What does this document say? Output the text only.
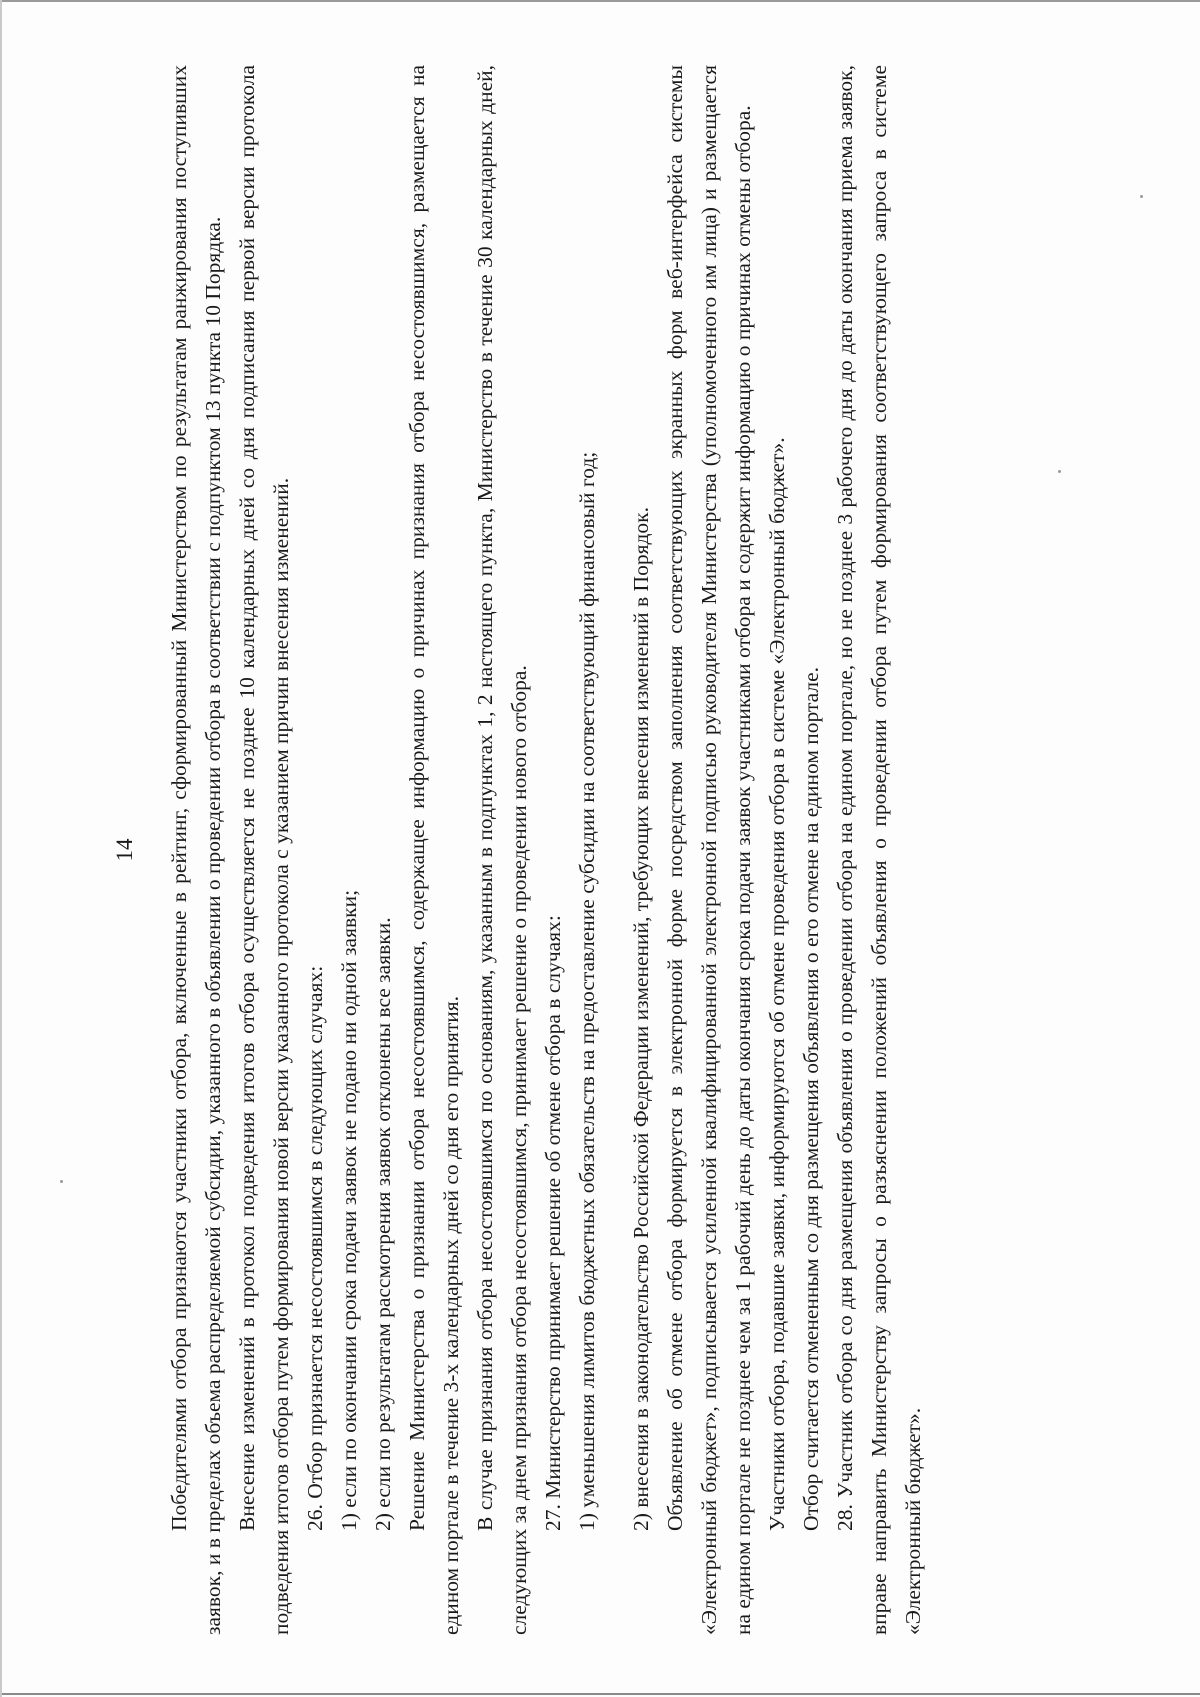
14	Победителями отбора признаются участники отбора, включенные в рейтинг, сформированный Министерством по результатам ранжирования поступивших заявок, и в пределах объема распределяемой субсидии, указанного в объявлении о проведении отбора в соответствии с подпунктом 13 пункта 10 Порядка. Внесение изменений в протокол подведения итогов отбора осуществляется не позднее 10 календарных дней со дня подписания первой версии протокола подведения итогов отбора путем формирования новой версии указанного протокола с указанием причин внесения изменений. 26. Отбор признается несостоявшимся в следующих случаях: 1) если по окончании срока подачи заявок не подано ни одной заявки; 2) если по результатам рассмотрения заявок отклонены все заявки. Решение Министерства о признании отбора несостоявшимся, содержащее информацию о причинах признания отбора несостоявшимся, размещается на едином портале в течение 3-х календарных дней со дня его принятия. В случае признания отбора несостоявшимся по основаниям, указанным в подпунктах 1, 2 настоящего пункта, Министерство в течение 30 календарных дней, следующих за днем признания отбора несостоявшимся, принимает решение о проведении нового отбора. 27. Министерство принимает решение об отмене отбора в случаях: 1) уменьшения лимитов бюджетных обязательств на предоставление субсидии на соответствующий финансовый год; 2) внесения в законодательство Российской Федерации изменений, требующих внесения изменений в Порядок. Объявление об отмене отбора формируется в электронной форме посредством заполнения соответствующих экранных форм веб-интерфейса системы «Электронный бюджет», подписывается усиленной квалифицированной электронной подписью руководителя Министерства (уполномоченного им лица) и размещается на едином портале не позднее чем за 1 рабочий день до даты окончания срока подачи заявок участниками отбора и содержит информацию о причинах отмены отбора. Участники отбора, подавшие заявки, информируются об отмене проведения отбора в системе «Электронный бюджет». Отбор считается отмененным со дня размещения объявления о его отмене на едином портале. 28. Участник отбора со дня размещения объявления о проведении отбора на едином портале, но не позднее 3 рабочего дня до даты окончания приема заявок, вправе направить Министерству запросы о разъяснении положений объявления о проведении отбора путем формирования соответствующего запроса в системе «Электронный бюджет».
